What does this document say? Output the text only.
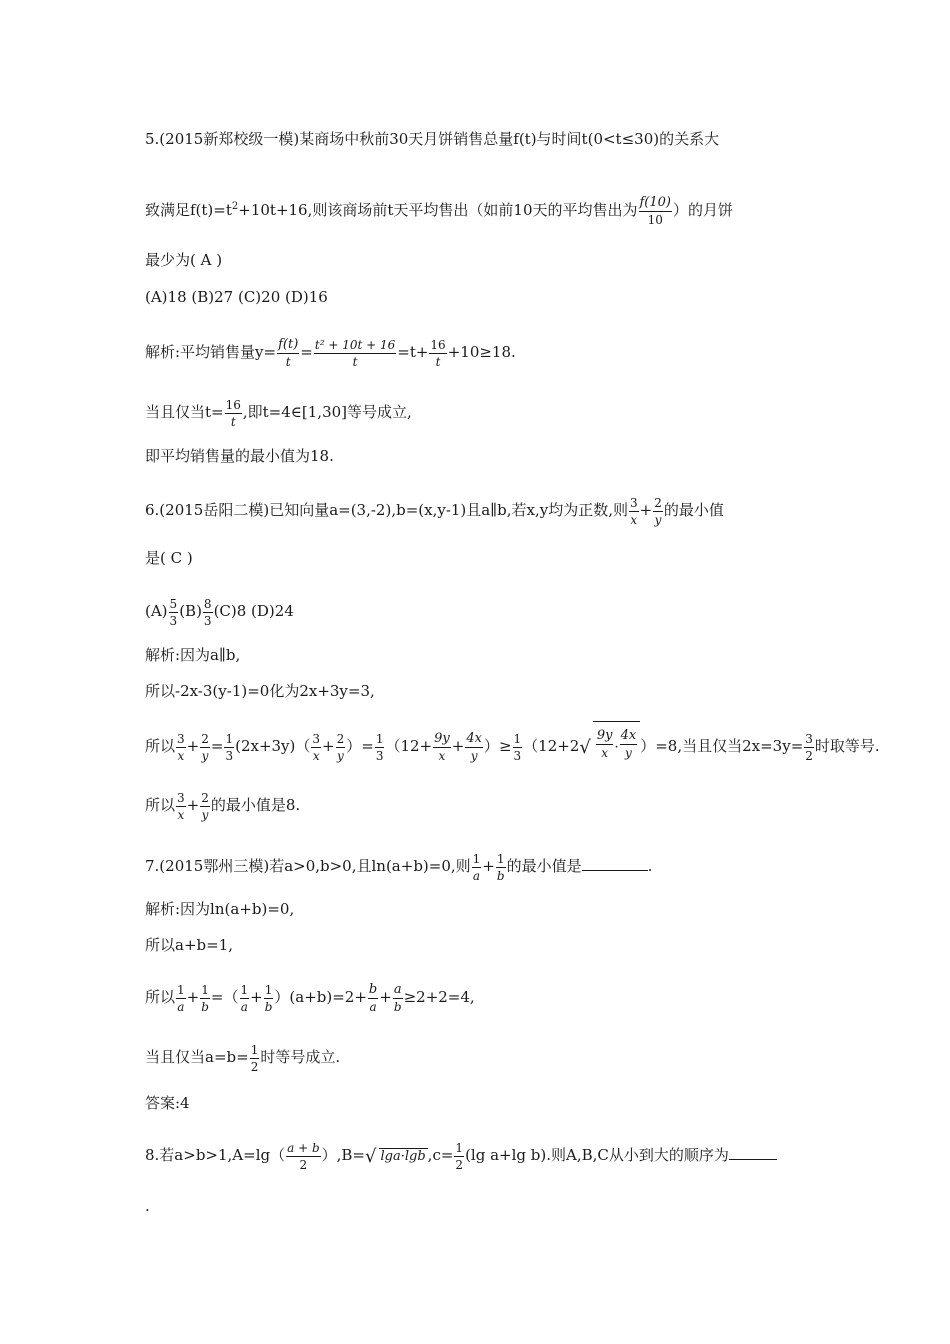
5.(2015新郑校级一模)某商场中秋前30天月饼销售总量f(t)与时间t(0<t≤30)的关系大
致满足$f(t)=t^2+10t+16$,则该商场前t天平均售出（如前10天的平均售出为 $\frac{f(10)}{10}$ ）的月饼
最少为( A )
(A)18 (B)27 (C)20 (D)16
解析:平均销售量$y= \frac{f(t)}{t} = \frac{\text{t² + 10t + 16}}{t} =t+ \frac{16}{t} +10\ge 18$.
当且仅当$t= \frac{16}{t}$ ,即t=4∈[1,30]等号成立,
即平均销售量的最小值为18.
6.(2015岳阳二模)已知向量a=(3,-2),b=(x,y-1)且a∥b,若x,y均为正数,则 $\frac{3}{x} + \frac{2}{y}$ 的最小值
是( C )
$(A) \frac{5}{3} (B) \frac{8}{3} (C)8$ (D)24
解析:因为a∥b,
所以-2x-3(y-1)=0化为2x+3y=3,
所以 $\frac{3}{x} + \frac{2}{y} = \frac{1}{3} (2x+3y)( \frac{3}{x} + \frac{2}{y}$ ）= $\frac{1}{3} (12+ \frac{9y}{x} + \frac{4x}{y}$ ）≥ $\frac{1}{3} (12+2√ \frac{9y}{x} \cdot \frac{4x}{y} )=8$,当且仅当$2x=3y= \frac{3}{2}$ 时取等号.
所以 $\frac{3}{x} + \frac{2}{y}$ 的最小值是8.
7.(2015鄂州三模)若a>0,b>0,且ln(a+b)=0,则 $\frac{1}{a} + \frac{1}{b}$ 的最小值是	.
解析:因为ln(a+b)=0,
所以a+b=1,
所以 $\frac{1}{a} + \frac{1}{b}$ =（ $\frac{1}{a} + \frac{1}{b} )(a+b)=2+ \frac{b}{a} + \frac{a}{b} \ge 2+2=4$,
当且仅当$a=b= \frac{1}{2}$ 时等号成立.
答案:4
8.若$a>b>1,A=\lg( \frac{a + b}{2} ),B=√$ lga·lgb $,c= \frac{1}{2} (\lg$ a+lg b).则A,B,C从小到大的顺序为
.
